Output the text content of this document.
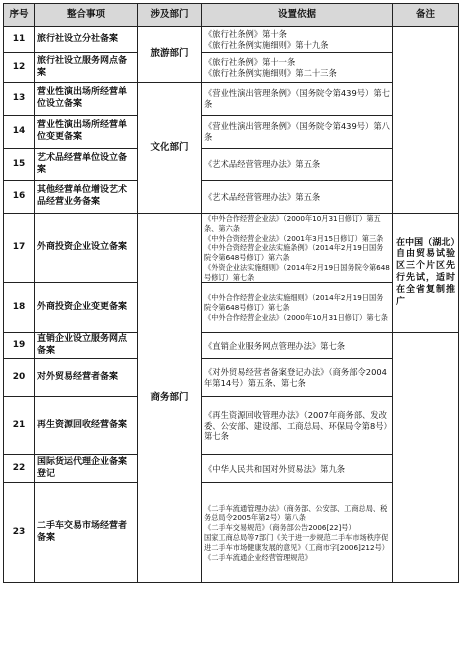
序号	整合事项	涉及部门	设置依据	备注
11	旅行社设立分社备案	旅游部门	《旅行社条例》第十条
《旅行社条例实施细则》第十九条	

12	旅行社设立服务网点备案		《旅行社条例》第十一条
《旅行社条例实施细则》第二十三条	

13	营业性演出场所经营单位设立备案	文化部门	《营业性演出管理条例》（国务院令第439号）第七条	
14	营业性演出场所经营单位变更备案		《营业性演出管理条例》（国务院令第439号）第八条	
15	艺术品经营单位设立备案		《艺术品经营管理办法》第五条	
16	其他经营单位增设艺术品经营业务备案		《艺术品经营管理办法》第五条	
17	外商投资企业设立备案	商务部门	《中外合作经营企业法》（2000年10月31日修订）第五条、第六条
《中外合资经营企业法》（2001年3月15日修订）第三条
《中外合资经营企业法实施条例》（2014年2月19日国务院令第648号修订）第六条
《外资企业法实施细则》（2014年2月19日国务院令第648号修订）第七条	在中国（湖北）自由贸易试验区三个片区先行先试，适时在全省复制推广
18	外商投资企业变更备案		《中外合作经营企业法实施细则》（2014年2月19日国务院令第648号修订）第七条
《中外合作经营企业法》（2000年10月31日修订）第七条	

19	直销企业设立服务网点备案		《直销企业服务网点管理办法》第七条	
20	对外贸易经营者备案		《对外贸易经营者备案登记办法》（商务部令2004年第14号）第五条、第七条	
21	再生资源回收经营备案		《再生资源回收管理办法》（2007年商务部、发改委、公安部、建设部、工商总局、环保局令第8号）第七条	
22	国际货运代理企业备案登记		《中华人民共和国对外贸易法》第九条	
23	二手车交易市场经营者备案		《二手车流通管理办法》（商务部、公安部、工商总局、税务总局令2005年第2号）第八条
《二手车交易规范》（商务部公告2006[22]号）
国家工商总局等7部门《关于进一步规范二手车市场秩序促进二手车市场健康发展的意见》（工商市字[2006]212号）
《二手车流通企业经营管理规范》	
